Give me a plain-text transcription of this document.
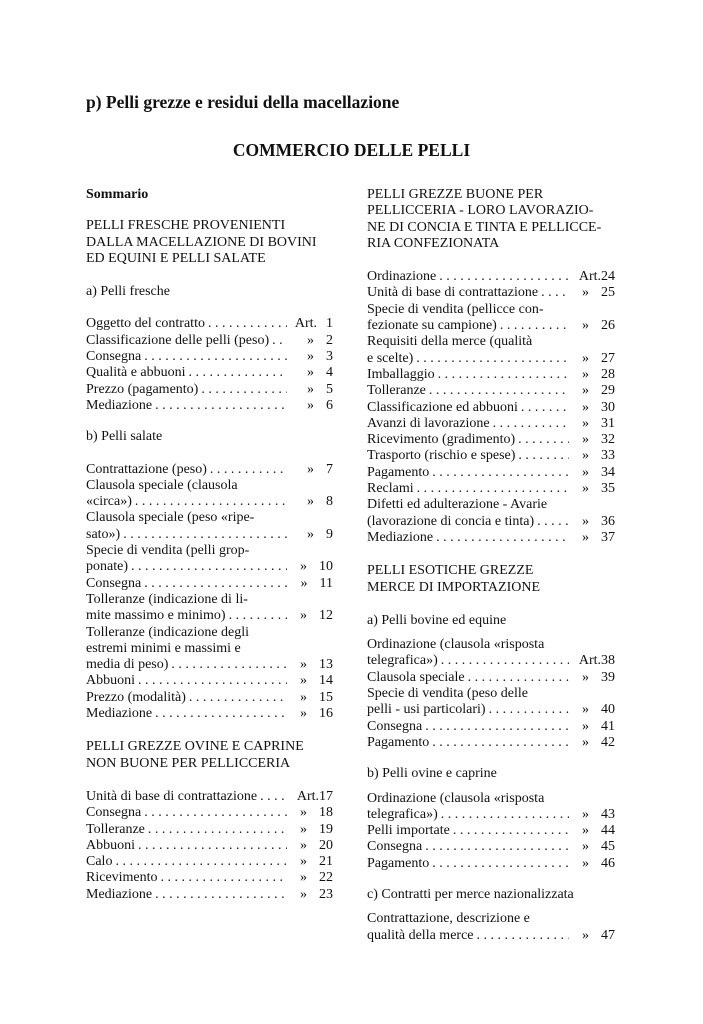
p) Pelli grezze e residui della macellazione
COMMERCIO DELLE PELLI
Sommario
PELLI FRESCHE PROVENIENTI
DALLA MACELLAZIONE DI BOVINI
ED EQUINI E PELLI SALATE
a) Pelli fresche
Oggetto del contratto . . .	Art. 1
Classificazione delle pelli (peso) . . .	» 2
Consegna . . .	» 3
Qualità e abbuoni . . .	» 4
Prezzo (pagamento) . . .	» 5
Mediazione . . .	» 6
b) Pelli salate
Contrattazione (peso) . . .	» 7
Clausola speciale (clausola
«circa») . . .	» 8
Clausola speciale (peso «ripe-
sato») . . .	» 9
Specie di vendita (pelli grop-
ponate) . . .	» 10
Consegna . . .	» 11
Tolleranze (indicazione di li-
mite massimo e minimo) . . .	» 12
Tolleranze (indicazione degli
estremi minimi e massimi e
media di peso) . . .	» 13
Abbuoni . . .	» 14
Prezzo (modalità) . . .	» 15
Mediazione . . .	» 16
PELLI GREZZE OVINE E CAPRINE
NON BUONE PER PELLICCERIA
Unità di base di contrattazione . . .	Art.17
Consegna . . .	» 18
Tolleranze . . .	» 19
Abbuoni . . .	» 20
Calo . . .	» 21
Ricevimento . . .	» 22
Mediazione . . .	» 23
PELLI GREZZE BUONE PER
PELLICCERIA - LORO LAVORAZIO-
NE DI CONCIA E TINTA E PELLICCE-
RIA CONFEZIONATA
Ordinazione . . .	Art.24
Unità di base di contrattazione . . .	» 25
Specie di vendita (pellicce con-
fezionate su campione) . . .	» 26
Requisiti della merce (qualità
e scelte) . . .	» 27
Imballaggio . . .	» 28
Tolleranze . . .	» 29
Classificazione ed abbuoni . . .	» 30
Avanzi di lavorazione . . .	» 31
Ricevimento (gradimento) . . .	» 32
Trasporto (rischio e spese) . . .	» 33
Pagamento . . .	» 34
Reclami . . .	» 35
Difetti ed adulterazione - Avarie
(lavorazione di concia e tinta) . . .	» 36
Mediazione . . .	» 37
PELLI ESOTICHE GREZZE
MERCE DI IMPORTAZIONE
a) Pelli bovine ed equine
Ordinazione (clausola «risposta
telegrafica») . . .	Art.38
Clausola speciale . . .	» 39
Specie di vendita (peso delle
pelli - usi particolari) . . .	» 40
Consegna . . .	» 41
Pagamento . . .	» 42
b) Pelli ovine e caprine
Ordinazione (clausola «risposta
telegrafica») . . .	» 43
Pelli importate . . .	» 44
Consegna . . .	» 45
Pagamento . . .	» 46
c) Contratti per merce nazionalizzata
Contrattazione, descrizione e
qualità della merce . . .	» 47
